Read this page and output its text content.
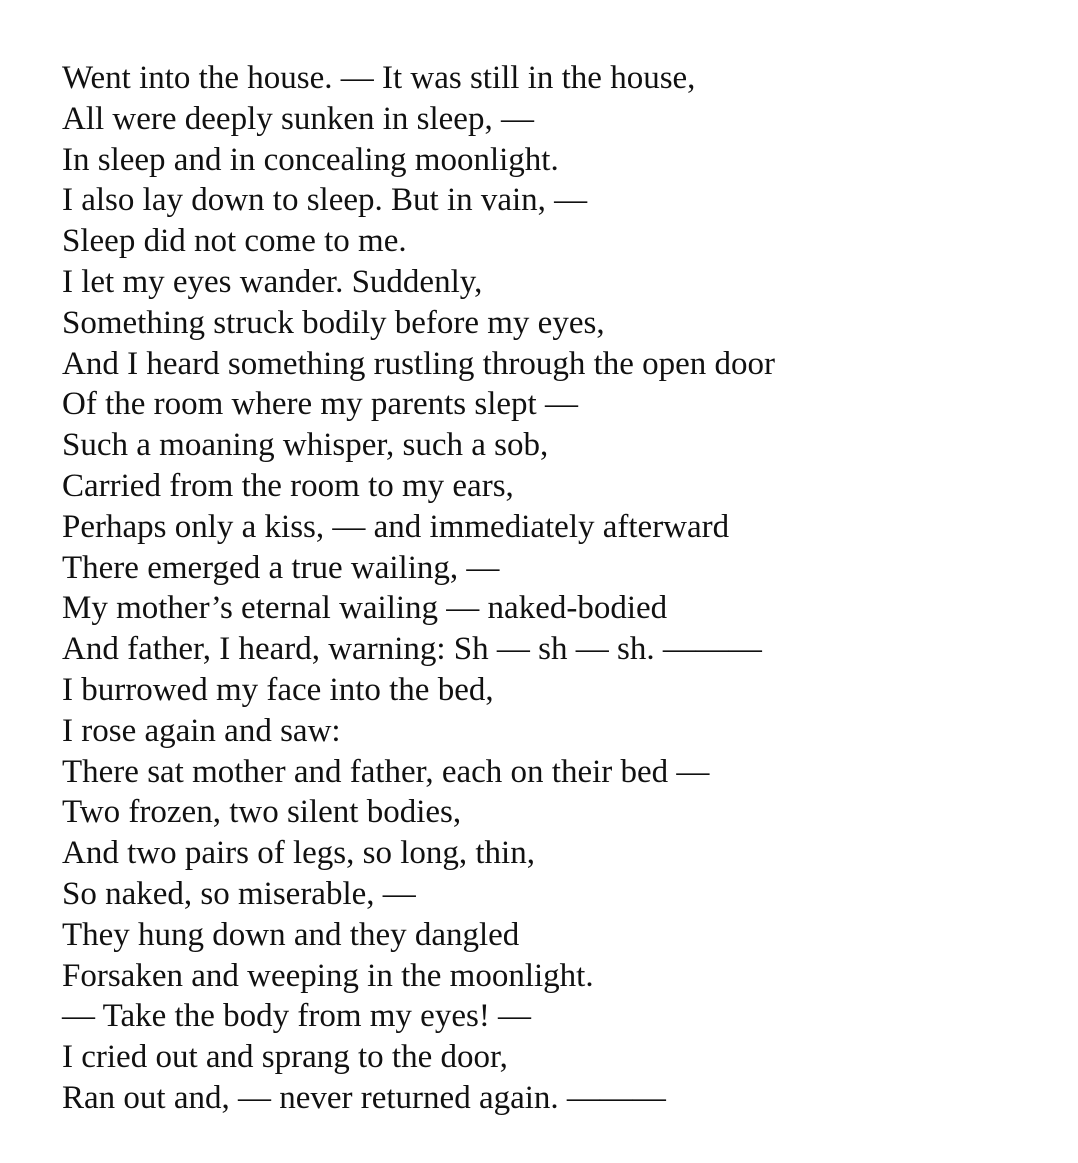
Went into the house. — It was still in the house,

All were deeply sunken in sleep, —

In sleep and in concealing moonlight.

I also lay down to sleep. But in vain, —

Sleep did not come to me.

I let my eyes wander. Suddenly,

Something struck bodily before my eyes,

And I heard something rustling through the open door

Of the room where my parents slept —

Such a moaning whisper, such a sob,

Carried from the room to my ears,

Perhaps only a kiss, — and immediately afterward

There emerged a true wailing, —

My mother’s eternal wailing — naked-bodied

And father, I heard, warning: Sh — sh — sh. ———

I burrowed my face into the bed,

I rose again and saw:

There sat mother and father, each on their bed —

Two frozen, two silent bodies,

And two pairs of legs, so long, thin,

So naked, so miserable, —

They hung down and they dangled

Forsaken and weeping in the moonlight.

— Take the body from my eyes! —

I cried out and sprang to the door,

Ran out and, — never returned again. ———
